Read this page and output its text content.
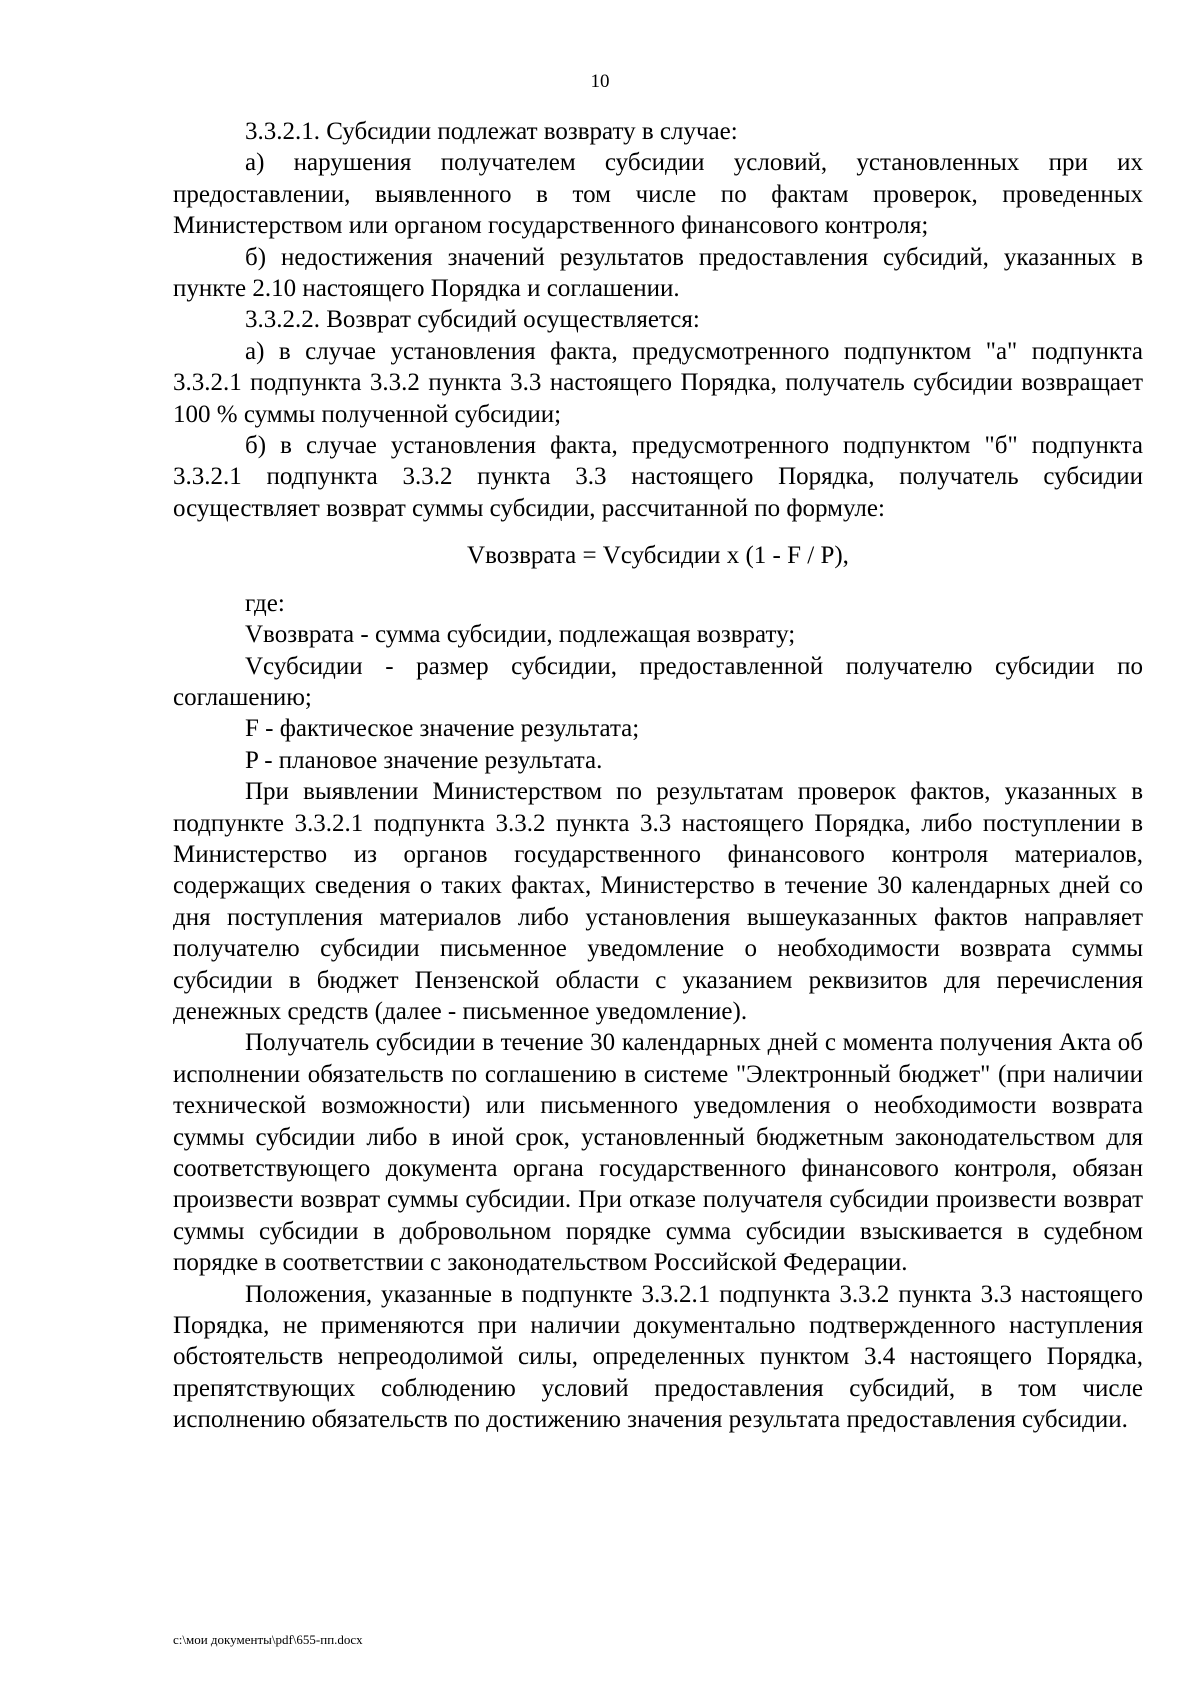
10

3.3.2.1. Субсидии подлежат возврату в случае:

а) нарушения получателем субсидии условий, установленных при их предоставлении, выявленного в том числе по фактам проверок, проведенных Министерством или органом государственного финансового контроля;

б) недостижения значений результатов предоставления субсидий, указанных в пункте 2.10 настоящего Порядка и соглашении.

3.3.2.2. Возврат субсидий осуществляется:

а) в случае установления факта, предусмотренного подпунктом "а" подпункта 3.3.2.1 подпункта 3.3.2 пункта 3.3 настоящего Порядка, получатель субсидии возвращает 100 % суммы полученной субсидии;

б) в случае установления факта, предусмотренного подпунктом "б" подпункта 3.3.2.1 подпункта 3.3.2 пункта 3.3 настоящего Порядка, получатель субсидии осуществляет возврат суммы субсидии, рассчитанной по формуле:

Vвозврата = Vсубсидии x (1 - F / P),

где:

Vвозврата - сумма субсидии, подлежащая возврату;

Vсубсидии - размер субсидии, предоставленной получателю субсидии по соглашению;

F - фактическое значение результата;

P - плановое значение результата.

При выявлении Министерством по результатам проверок фактов, указанных в подпункте 3.3.2.1 подпункта 3.3.2 пункта 3.3 настоящего Порядка, либо поступлении в Министерство из органов государственного финансового контроля материалов, содержащих сведения о таких фактах, Министерство в течение 30 календарных дней со дня поступления материалов либо установления вышеуказанных фактов направляет получателю субсидии письменное уведомление о необходимости возврата суммы субсидии в бюджет Пензенской области с указанием реквизитов для перечисления денежных средств (далее - письменное уведомление).

Получатель субсидии в течение 30 календарных дней с момента получения Акта об исполнении обязательств по соглашению в системе "Электронный бюджет" (при наличии технической возможности) или письменного уведомления о необходимости возврата суммы субсидии либо в иной срок, установленный бюджетным законодательством для соответствующего документа органа государственного финансового контроля, обязан произвести возврат суммы субсидии. При отказе получателя субсидии произвести возврат суммы субсидии в добровольном порядке сумма субсидии взыскивается в судебном порядке в соответствии с законодательством Российской Федерации.

Положения, указанные в подпункте 3.3.2.1 подпункта 3.3.2 пункта 3.3 настоящего Порядка, не применяются при наличии документально подтвержденного наступления обстоятельств непреодолимой силы, определенных пунктом 3.4 настоящего Порядка, препятствующих соблюдению условий предоставления субсидий, в том числе исполнению обязательств по достижению значения результата предоставления субсидии.

c:\мои документы\pdf\655-пп.docx
